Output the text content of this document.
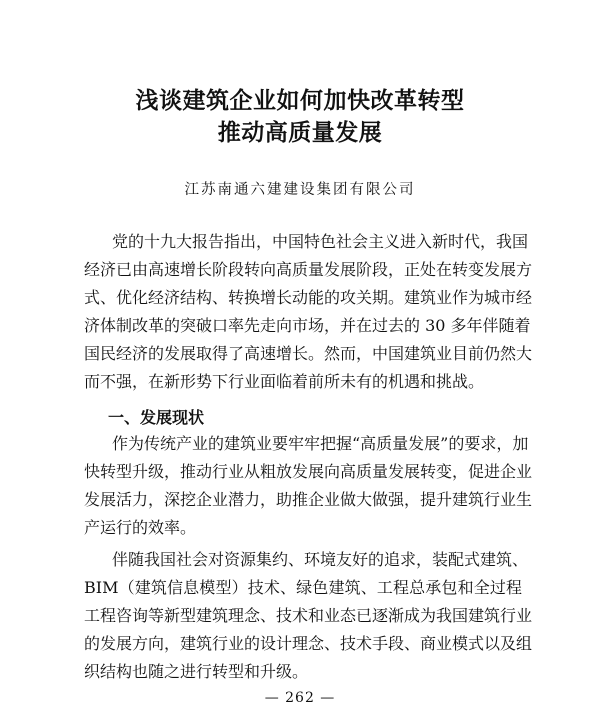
浅谈建筑企业如何加快改革转型
推动高质量发展
江苏南通六建建设集团有限公司
党的十九大报告指出，中国特色社会主义进入新时代，我国
经济已由高速增长阶段转向高质量发展阶段，正处在转变发展方
式、优化经济结构、转换增长动能的攻关期。建筑业作为城市经
济体制改革的突破口率先走向市场，并在过去的 30 多年伴随着
国民经济的发展取得了高速增长。然而，中国建筑业目前仍然大
而不强，在新形势下行业面临着前所未有的机遇和挑战。
一、发展现状
作为传统产业的建筑业要牢牢把握“高质量发展”的要求，加
快转型升级，推动行业从粗放发展向高质量发展转变，促进企业
发展活力，深挖企业潜力，助推企业做大做强，提升建筑行业生
产运行的效率。
伴随我国社会对资源集约、环境友好的追求，装配式建筑、
BIM（建筑信息模型）技术、绿色建筑、工程总承包和全过程
工程咨询等新型建筑理念、技术和业态已逐渐成为我国建筑行业
的发展方向，建筑行业的设计理念、技术手段、商业模式以及组
织结构也随之进行转型和升级。
— 262 —
